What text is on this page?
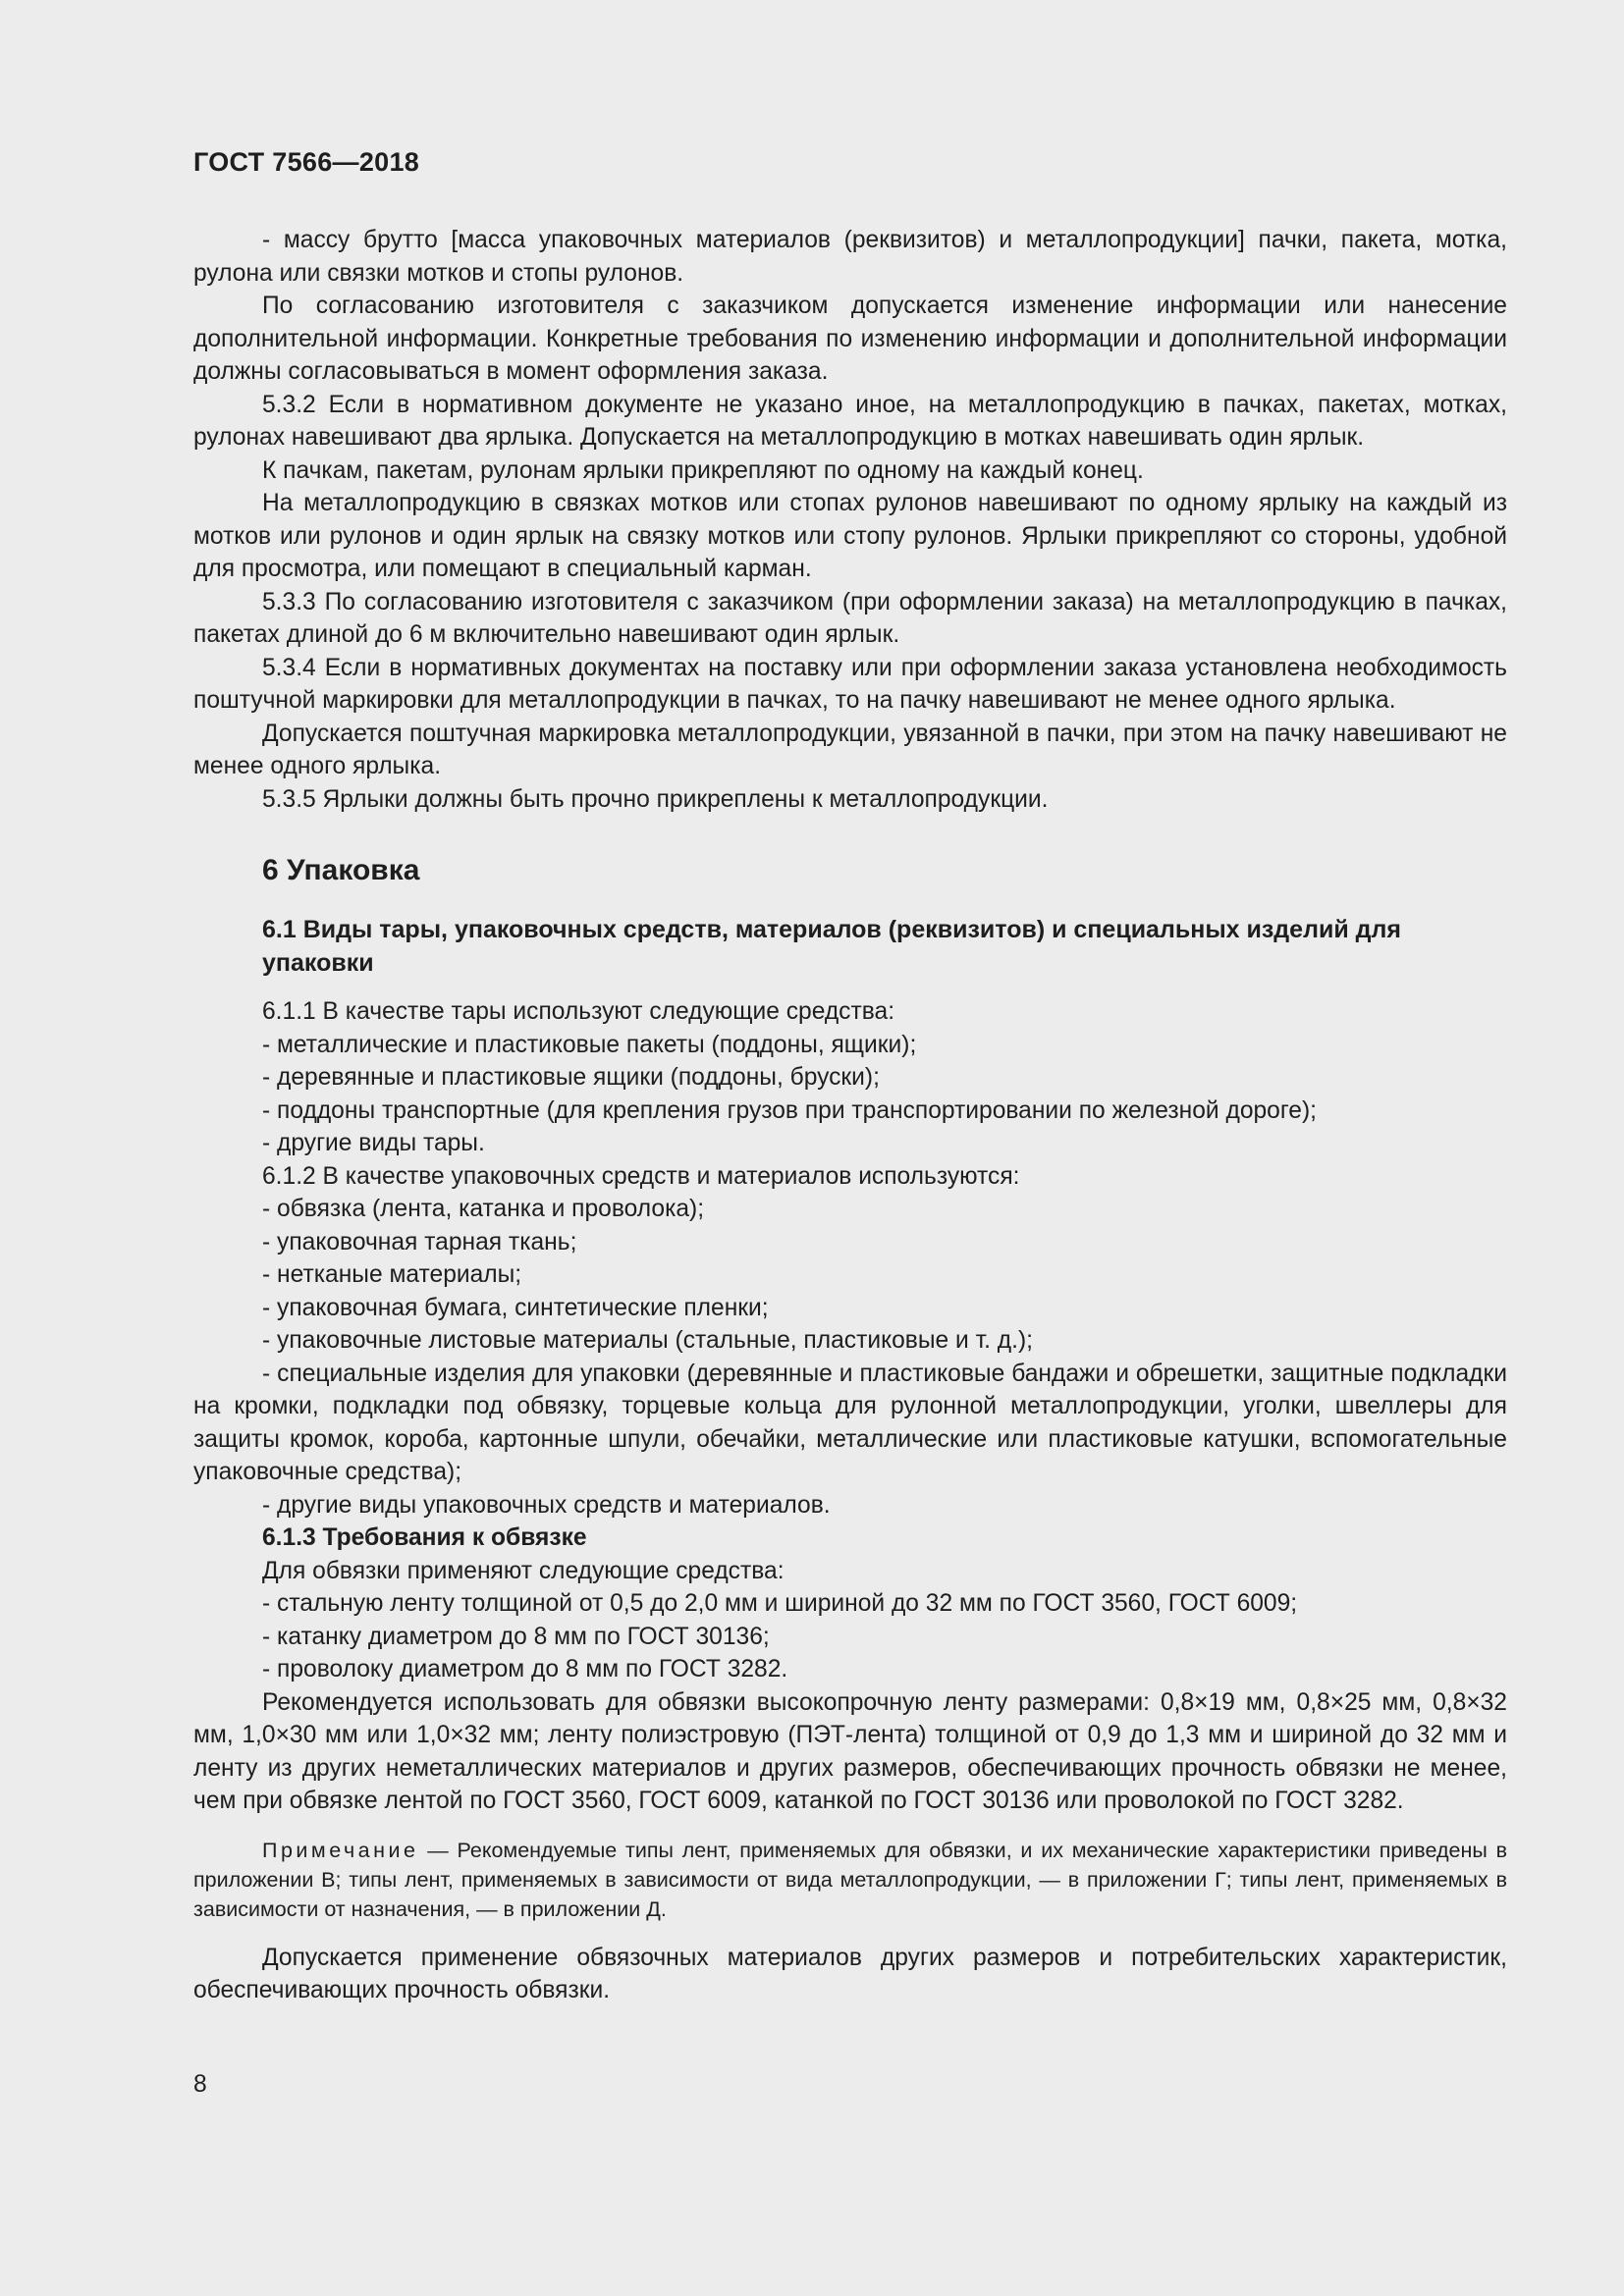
ГОСТ 7566—2018

- массу брутто [масса упаковочных материалов (реквизитов) и металлопродукции] пачки, пакета, мотка, рулона или связки мотков и стопы рулонов.

По согласованию изготовителя с заказчиком допускается изменение информации или нанесение дополнительной информации. Конкретные требования по изменению информации и дополнительной информации должны согласовываться в момент оформления заказа.

5.3.2 Если в нормативном документе не указано иное, на металлопродукцию в пачках, пакетах, мотках, рулонах навешивают два ярлыка. Допускается на металлопродукцию в мотках навешивать один ярлык.

К пачкам, пакетам, рулонам ярлыки прикрепляют по одному на каждый конец.

На металлопродукцию в связках мотков или стопах рулонов навешивают по одному ярлыку на каждый из мотков или рулонов и один ярлык на связку мотков или стопу рулонов. Ярлыки прикрепляют со стороны, удобной для просмотра, или помещают в специальный карман.

5.3.3 По согласованию изготовителя с заказчиком (при оформлении заказа) на металлопродукцию в пачках, пакетах длиной до 6 м включительно навешивают один ярлык.

5.3.4 Если в нормативных документах на поставку или при оформлении заказа установлена необходимость поштучной маркировки для металлопродукции в пачках, то на пачку навешивают не менее одного ярлыка.

Допускается поштучная маркировка металлопродукции, увязанной в пачки, при этом на пачку навешивают не менее одного ярлыка.

5.3.5 Ярлыки должны быть прочно прикреплены к металлопродукции.

6 Упаковка
6.1 Виды тары, упаковочных средств, материалов (реквизитов) и специальных изделий для упаковки

6.1.1 В качестве тары используют следующие средства:

- металлические и пластиковые пакеты (поддоны, ящики);

- деревянные и пластиковые ящики (поддоны, бруски);

- поддоны транспортные (для крепления грузов при транспортировании по железной дороге);

- другие виды тары.

6.1.2 В качестве упаковочных средств и материалов используются:

- обвязка (лента, катанка и проволока);

- упаковочная тарная ткань;

- нетканые материалы;

- упаковочная бумага, синтетические пленки;

- упаковочные листовые материалы (стальные, пластиковые и т. д.);

- специальные изделия для упаковки (деревянные и пластиковые бандажи и обрешетки, защитные подкладки на кромки, подкладки под обвязку, торцевые кольца для рулонной металлопродукции, уголки, швеллеры для защиты кромок, короба, картонные шпули, обечайки, металлические или пластиковые катушки, вспомогательные упаковочные средства);

- другие виды упаковочных средств и материалов.

6.1.3 Требования к обвязке

Для обвязки применяют следующие средства:

- стальную ленту толщиной от 0,5 до 2,0 мм и шириной до 32 мм по ГОСТ 3560, ГОСТ 6009;

- катанку диаметром до 8 мм по ГОСТ 30136;

- проволоку диаметром до 8 мм по ГОСТ 3282.

Рекомендуется использовать для обвязки высокопрочную ленту размерами: 0,8×19 мм, 0,8×25 мм, 0,8×32 мм, 1,0×30 мм или 1,0×32 мм; ленту полиэстровую (ПЭТ-лента) толщиной от 0,9 до 1,3 мм и шириной до 32 мм и ленту из других неметаллических материалов и других размеров, обеспечивающих прочность обвязки не менее, чем при обвязке лентой по ГОСТ 3560, ГОСТ 6009, катанкой по ГОСТ 30136 или проволокой по ГОСТ 3282.

Примечание — Рекомендуемые типы лент, применяемых для обвязки, и их механические характеристики приведены в приложении В; типы лент, применяемых в зависимости от вида металлопродукции, — в приложении Г; типы лент, применяемых в зависимости от назначения, — в приложении Д.

Допускается применение обвязочных материалов других размеров и потребительских характеристик, обеспечивающих прочность обвязки.

8
